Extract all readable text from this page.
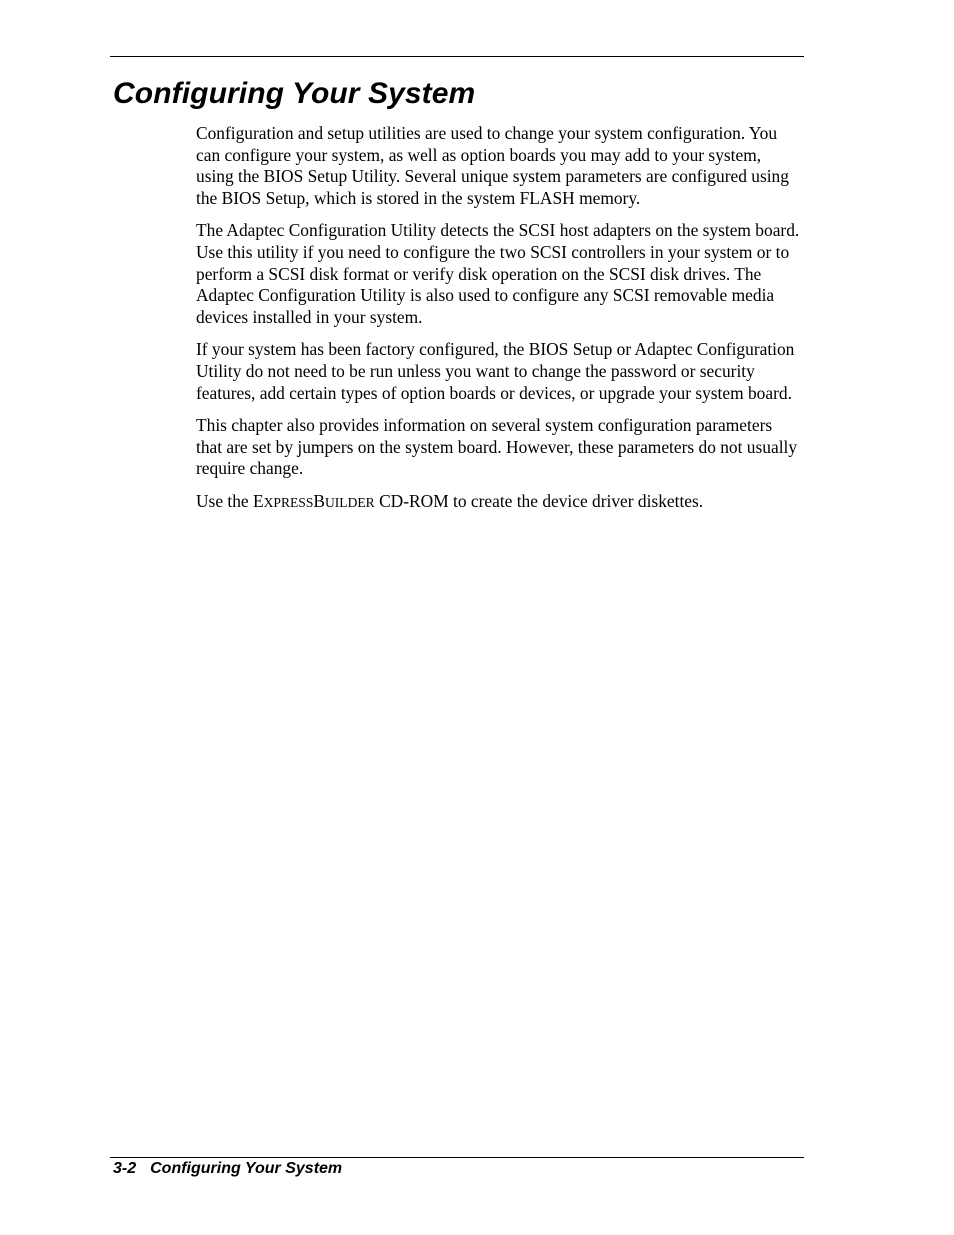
Configuring Your System

Configuration and setup utilities are used to change your system configuration. You can configure your system, as well as option boards you may add to your system, using the BIOS Setup Utility. Several unique system parameters are configured using the BIOS Setup, which is stored in the system FLASH memory.

The Adaptec Configuration Utility detects the SCSI host adapters on the system board. Use this utility if you need to configure the two SCSI controllers in your system or to perform a SCSI disk format or verify disk operation on the SCSI disk drives. The Adaptec Configuration Utility is also used to configure any SCSI removable media devices installed in your system.

If your system has been factory configured, the BIOS Setup or Adaptec Configuration Utility do not need to be run unless you want to change the password or security features, add certain types of option boards or devices, or upgrade your system board.

This chapter also provides information on several system configuration parameters that are set by jumpers on the system board. However, these parameters do not usually require change.

Use the EXPRESSBUILDER CD-ROM to create the device driver diskettes.

3-2 Configuring Your System
